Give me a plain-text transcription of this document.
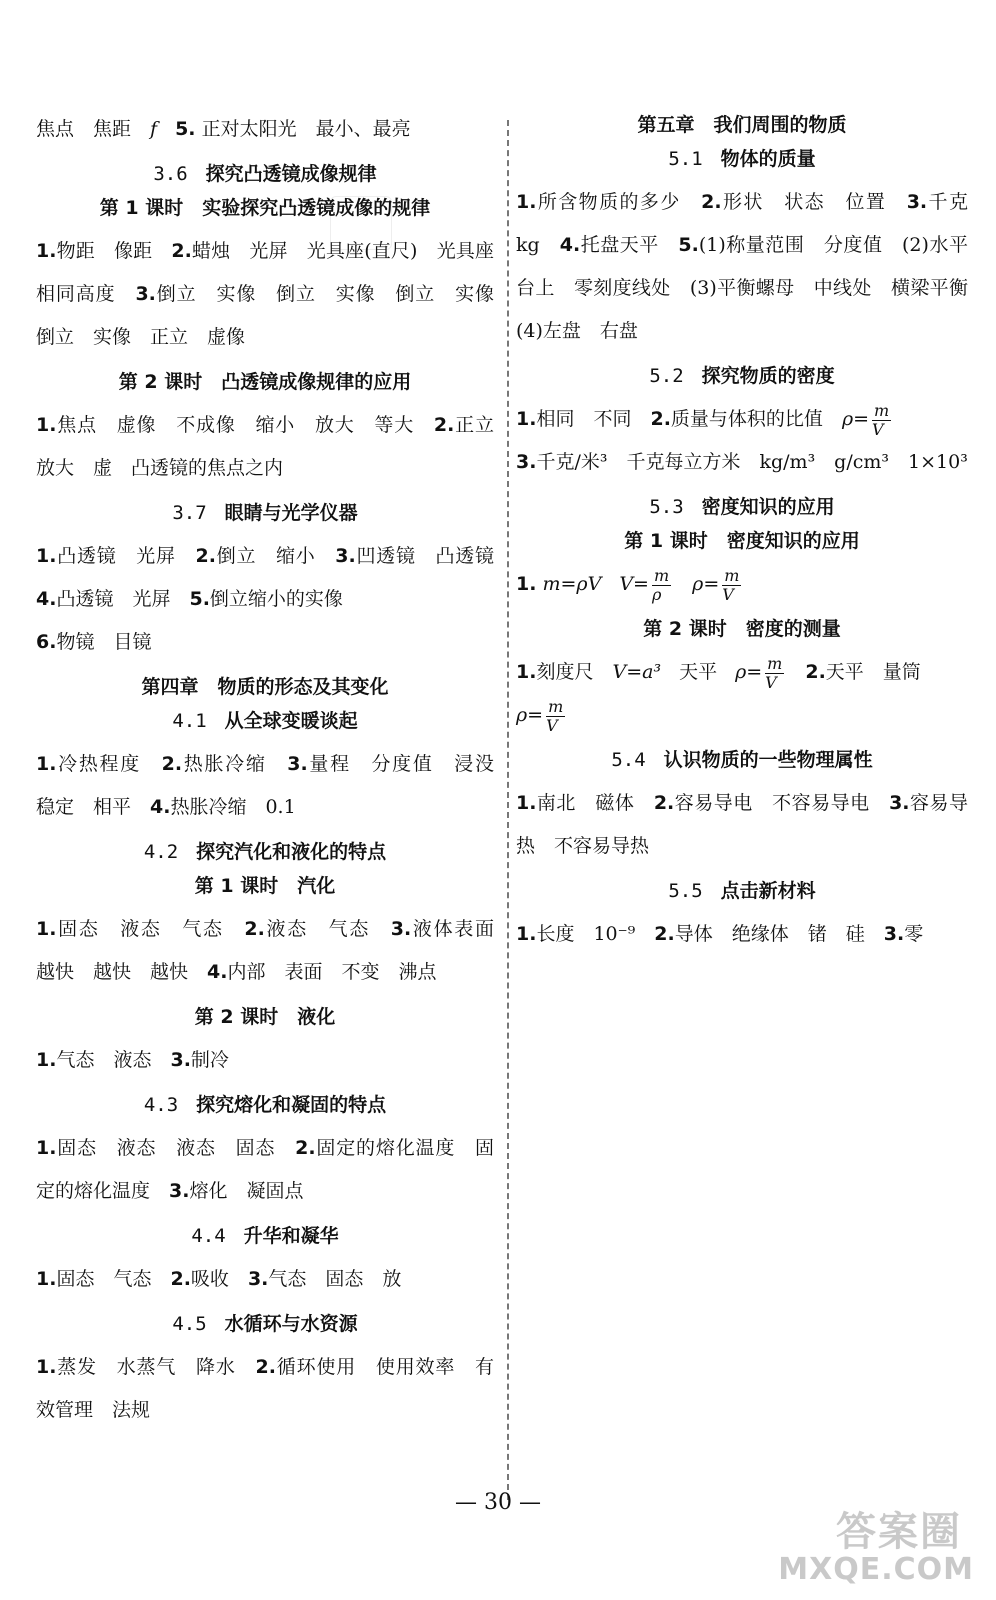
焦点　焦距　f 5. 正对太阳光　最小、最亮

3.6 探究凸透镜成像规律
第 1 课时　实验探究凸透镜成像的规律

1.物距　像距　2.蜡烛　光屏　光具座(直尺)　光具座　相同高度　3.倒立　实像　倒立　实像　倒立　实像　倒立　实像　正立　虚像

第 2 课时　凸透镜成像规律的应用

1.焦点　虚像　不成像　缩小　放大　等大　2.正立　放大　虚　凸透镜的焦点之内

3.7 眼睛与光学仪器

1.凸透镜　光屏　2.倒立　缩小　3.凹透镜　凸透镜　4.凸透镜　光屏　5.倒立缩小的实像
6.物镜　目镜

第四章　物质的形态及其变化
4.1 从全球变暖谈起

1.冷热程度　2.热胀冷缩　3.量程　分度值　浸没　稳定　相平　4.热胀冷缩　0.1

4.2 探究汽化和液化的特点
第 1 课时　汽化

1.固态　液态　气态　2.液态　气态　3.液体表面　越快　越快　越快　4.内部　表面　不变　沸点

第 2 课时　液化

1.气态　液态　3.制冷

4.3 探究熔化和凝固的特点

1.固态　液态　液态　固态　2.固定的熔化温度　固定的熔化温度　3.熔化　凝固点

4.4 升华和凝华

1.固态　气态　2.吸收　3.气态　固态　放

4.5 水循环与水资源

1.蒸发　水蒸气　降水　2.循环使用　使用效率　有效管理　法规

第五章　我们周围的物质
5.1 物体的质量

1.所含物质的多少　2.形状　状态　位置　3.千克　kg　4.托盘天平　5.(1)称量范围　分度值　(2)水平台上　零刻度线处　(3)平衡螺母　中线处　横梁平衡　(4)左盘　右盘

5.2 探究物质的密度

1.相同　不同　2.质量与体积的比值　$\rho= \frac{m}{V}$

3.千克/米³　千克每立方米　kg/m³　g/cm³　1×10³

5.3 密度知识的应用
第 1 课时　密度知识的应用

1. m=ρV $V= \frac{m}{\rho} \rho= \frac{m}{V}$

第 2 课时　密度的测量

1.刻度尺　V=a³ 天平 $\rho= \frac{m}{V} 2$.天平　量筒
$\rho= \frac{m}{V}$

5.4 认识物质的一些物理属性

1.南北　磁体　2.容易导电　不容易导电　3.容易导热　不容易导热

5.5 点击新材料

1.长度　10⁻⁹　2.导体　绝缘体　锗　硅　3.零

— 30 —
答案圈
MXQE.COM
